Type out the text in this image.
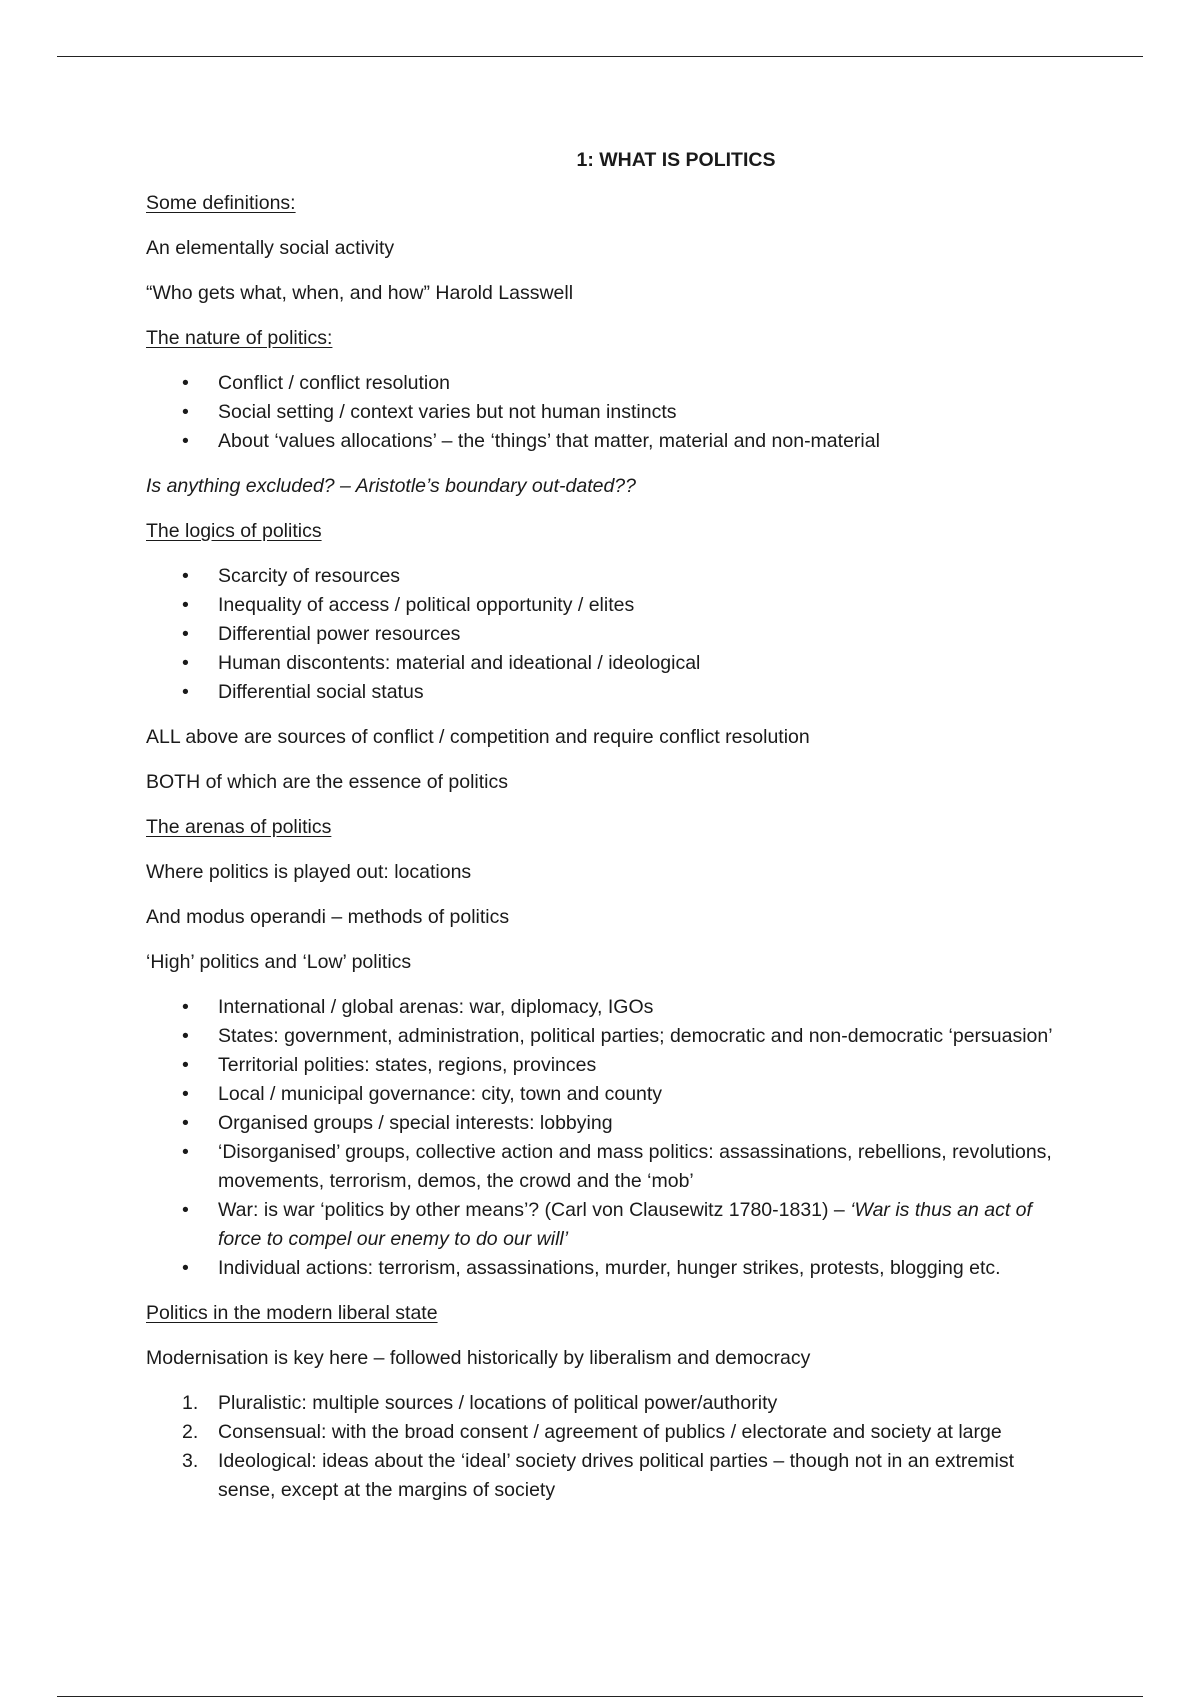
1: WHAT IS POLITICS
Some definitions:
An elementally social activity
“Who gets what, when, and how” Harold Lasswell
The nature of politics:
• Conflict / conflict resolution
• Social setting / context varies but not human instincts
• About ‘values allocations’ – the ‘things’ that matter, material and non-material
Is anything excluded? – Aristotle’s boundary out-dated??
The logics of politics
• Scarcity of resources
• Inequality of access / political opportunity / elites
• Differential power resources
• Human discontents: material and ideational / ideological
• Differential social status
ALL above are sources of conflict / competition and require conflict resolution
BOTH of which are the essence of politics
The arenas of politics
Where politics is played out: locations
And modus operandi – methods of politics
‘High’ politics and ‘Low’ politics
• International / global arenas: war, diplomacy, IGOs
• States: government, administration, political parties; democratic and non-democratic ‘persuasion’
• Territorial polities: states, regions, provinces
• Local / municipal governance: city, town and county
• Organised groups / special interests: lobbying
• ‘Disorganised’ groups, collective action and mass politics: assassinations, rebellions, revolutions, movements, terrorism, demos, the crowd and the ‘mob’
• War: is war ‘politics by other means’? (Carl von Clausewitz 1780-1831) – ‘War is thus an act of force to compel our enemy to do our will’
• Individual actions: terrorism, assassinations, murder, hunger strikes, protests, blogging etc.
Politics in the modern liberal state
Modernisation is key here – followed historically by liberalism and democracy
1. Pluralistic: multiple sources / locations of political power/authority
2. Consensual: with the broad consent / agreement of publics / electorate and society at large
3. Ideological: ideas about the ‘ideal’ society drives political parties – though not in an extremist sense, except at the margins of society
